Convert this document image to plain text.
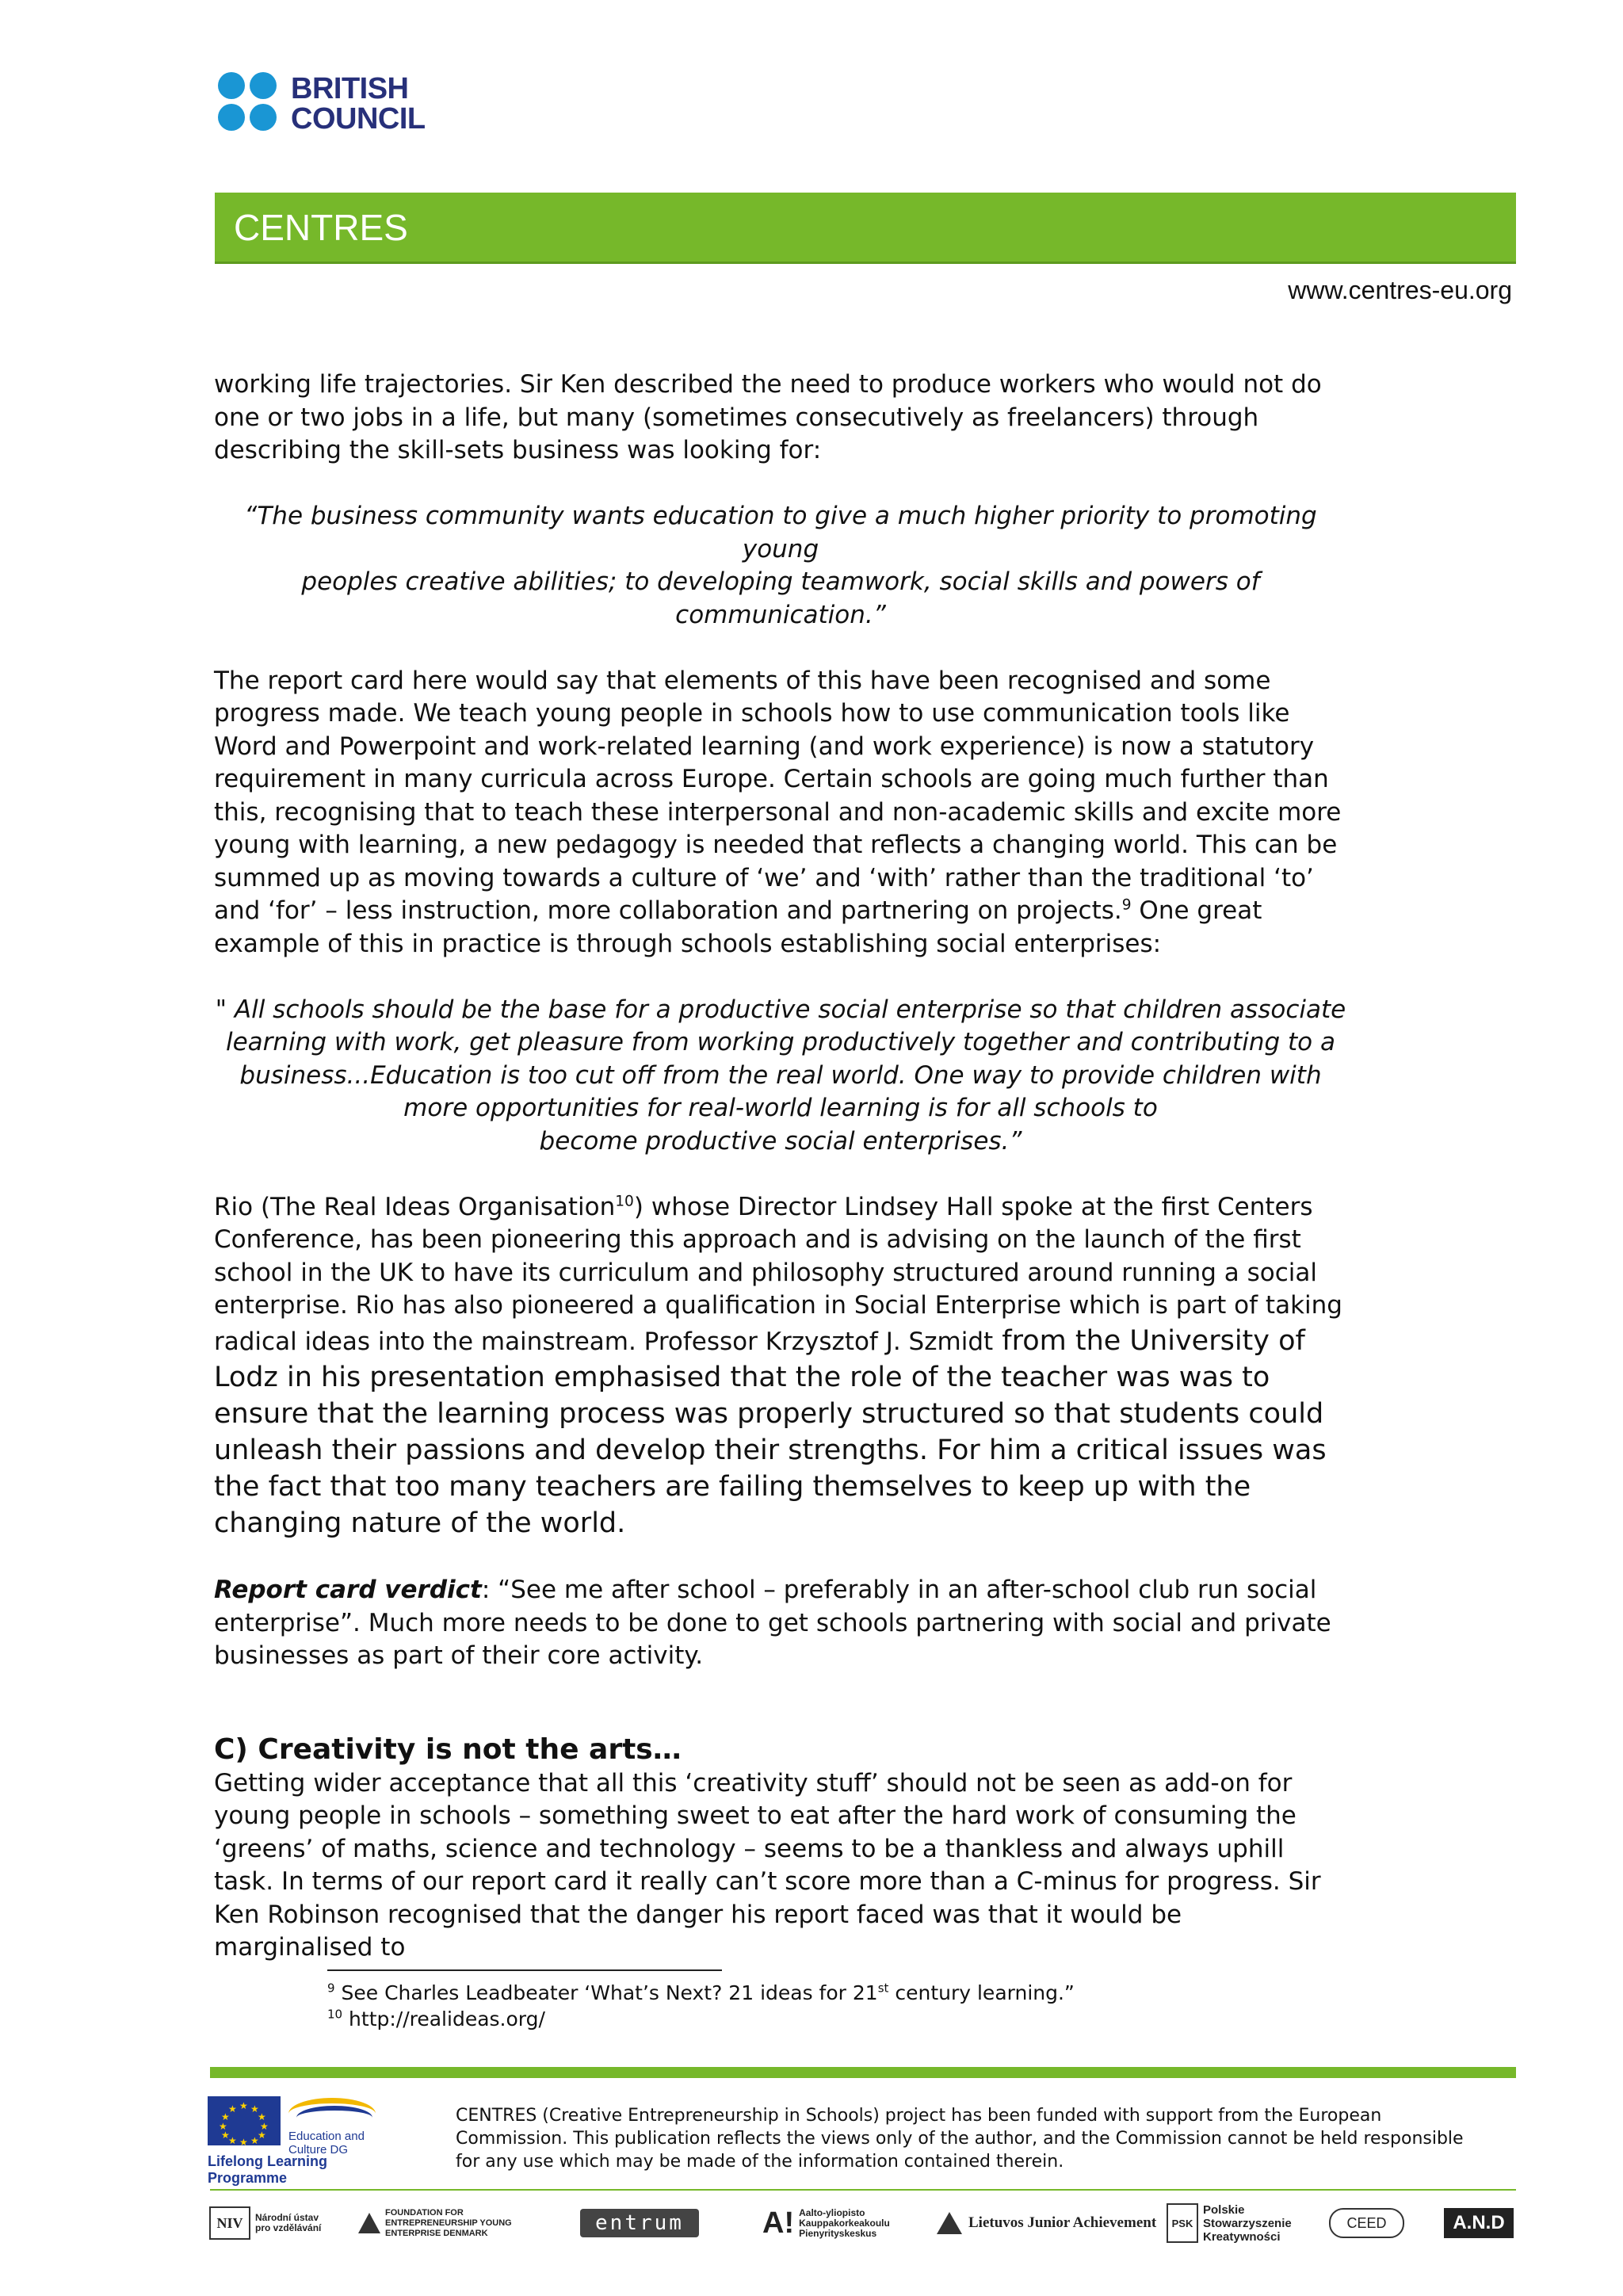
BRITISH
COUNCIL
CENTRES
www.centres-eu.org

working life trajectories. Sir Ken described the need to produce workers who would not do one or two jobs in a life, but many (sometimes consecutively as freelancers) through describing the skill-sets business was looking for:

“The business community wants education to give a much higher priority to promoting young
peoples creative abilities; to developing teamwork, social skills and powers of
communication.”

The report card here would say that elements of this have been recognised and some progress made. We teach young people in schools how to use communication tools like Word and Powerpoint and work-related learning (and work experience) is now a statutory requirement in many curricula across Europe. Certain schools are going much further than this, recognising that to teach these interpersonal and non-academic skills and excite more young with learning, a new pedagogy is needed that reflects a changing world. This can be summed up as moving towards a culture of ‘we’ and ‘with’ rather than the traditional ‘to’ and ‘for’ – less instruction, more collaboration and partnering on projects.$^9$ One great example of this in practice is through schools establishing social enterprises:

" All schools should be the base for a productive social enterprise so that children associate
learning with work, get pleasure from working productively together and contributing to a
business...Education is too cut off from the real world. One way to provide children with
more opportunities for real-world learning is for all schools to
become productive social enterprises.”

Rio (The Real Ideas Organisation$^{10}$) whose Director Lindsey Hall spoke at the first Centers Conference, has been pioneering this approach and is advising on the launch of the first school in the UK to have its curriculum and philosophy structured around running a social enterprise. Rio has also pioneered a qualification in Social Enterprise which is part of taking radical ideas into the mainstream. Professor Krzysztof J. Szmidt from the University of Lodz in his presentation emphasised that the role of the teacher was was to ensure that the learning process was properly structured so that students could unleash their passions and develop their strengths. For him a critical issues was the fact that too many teachers are failing themselves to keep up with the changing nature of the world.

Report card verdict: “See me after school – preferably in an after-school club run social enterprise”. Much more needs to be done to get schools partnering with social and private businesses as part of their core activity.

C) Creativity is not the arts…

Getting wider acceptance that all this ‘creativity stuff’ should not be seen as add-on for young people in schools – something sweet to eat after the hard work of consuming the ‘greens’ of maths, science and technology – seems to be a thankless and always uphill task. In terms of our report card it really can’t score more than a C-minus for progress. Sir Ken Robinson recognised that the danger his report faced was that it would be marginalised to

$^9$ See Charles Leadbeater ‘What’s Next? 21 ideas for 21st century learning.”
$^{10}$ http://realideas.org/
★ ★
★
★
★
★
★
★
★
★
★
★
Education and Culture DG
Lifelong Learning Programme
CENTRES (Creative Entrepreneurship in Schools) project has been funded with support from the European Commission. This publication reflects the views only of the author, and the Commission cannot be held responsible for any use which may be made of the information contained therein.
NIV	Národní ústav pro vzdělávání
FOUNDATION FOR ENTREPRENEURSHIP YOUNG ENTERPRISE DENMARK	entrum	A! Aalto-yliopisto Kauppakorkeakoulu Pienyrityskeskus
Lietuvos Junior Achievement	PSK
Polskie Stowarzyszenie Kreatywności
CEED	A.N.D
